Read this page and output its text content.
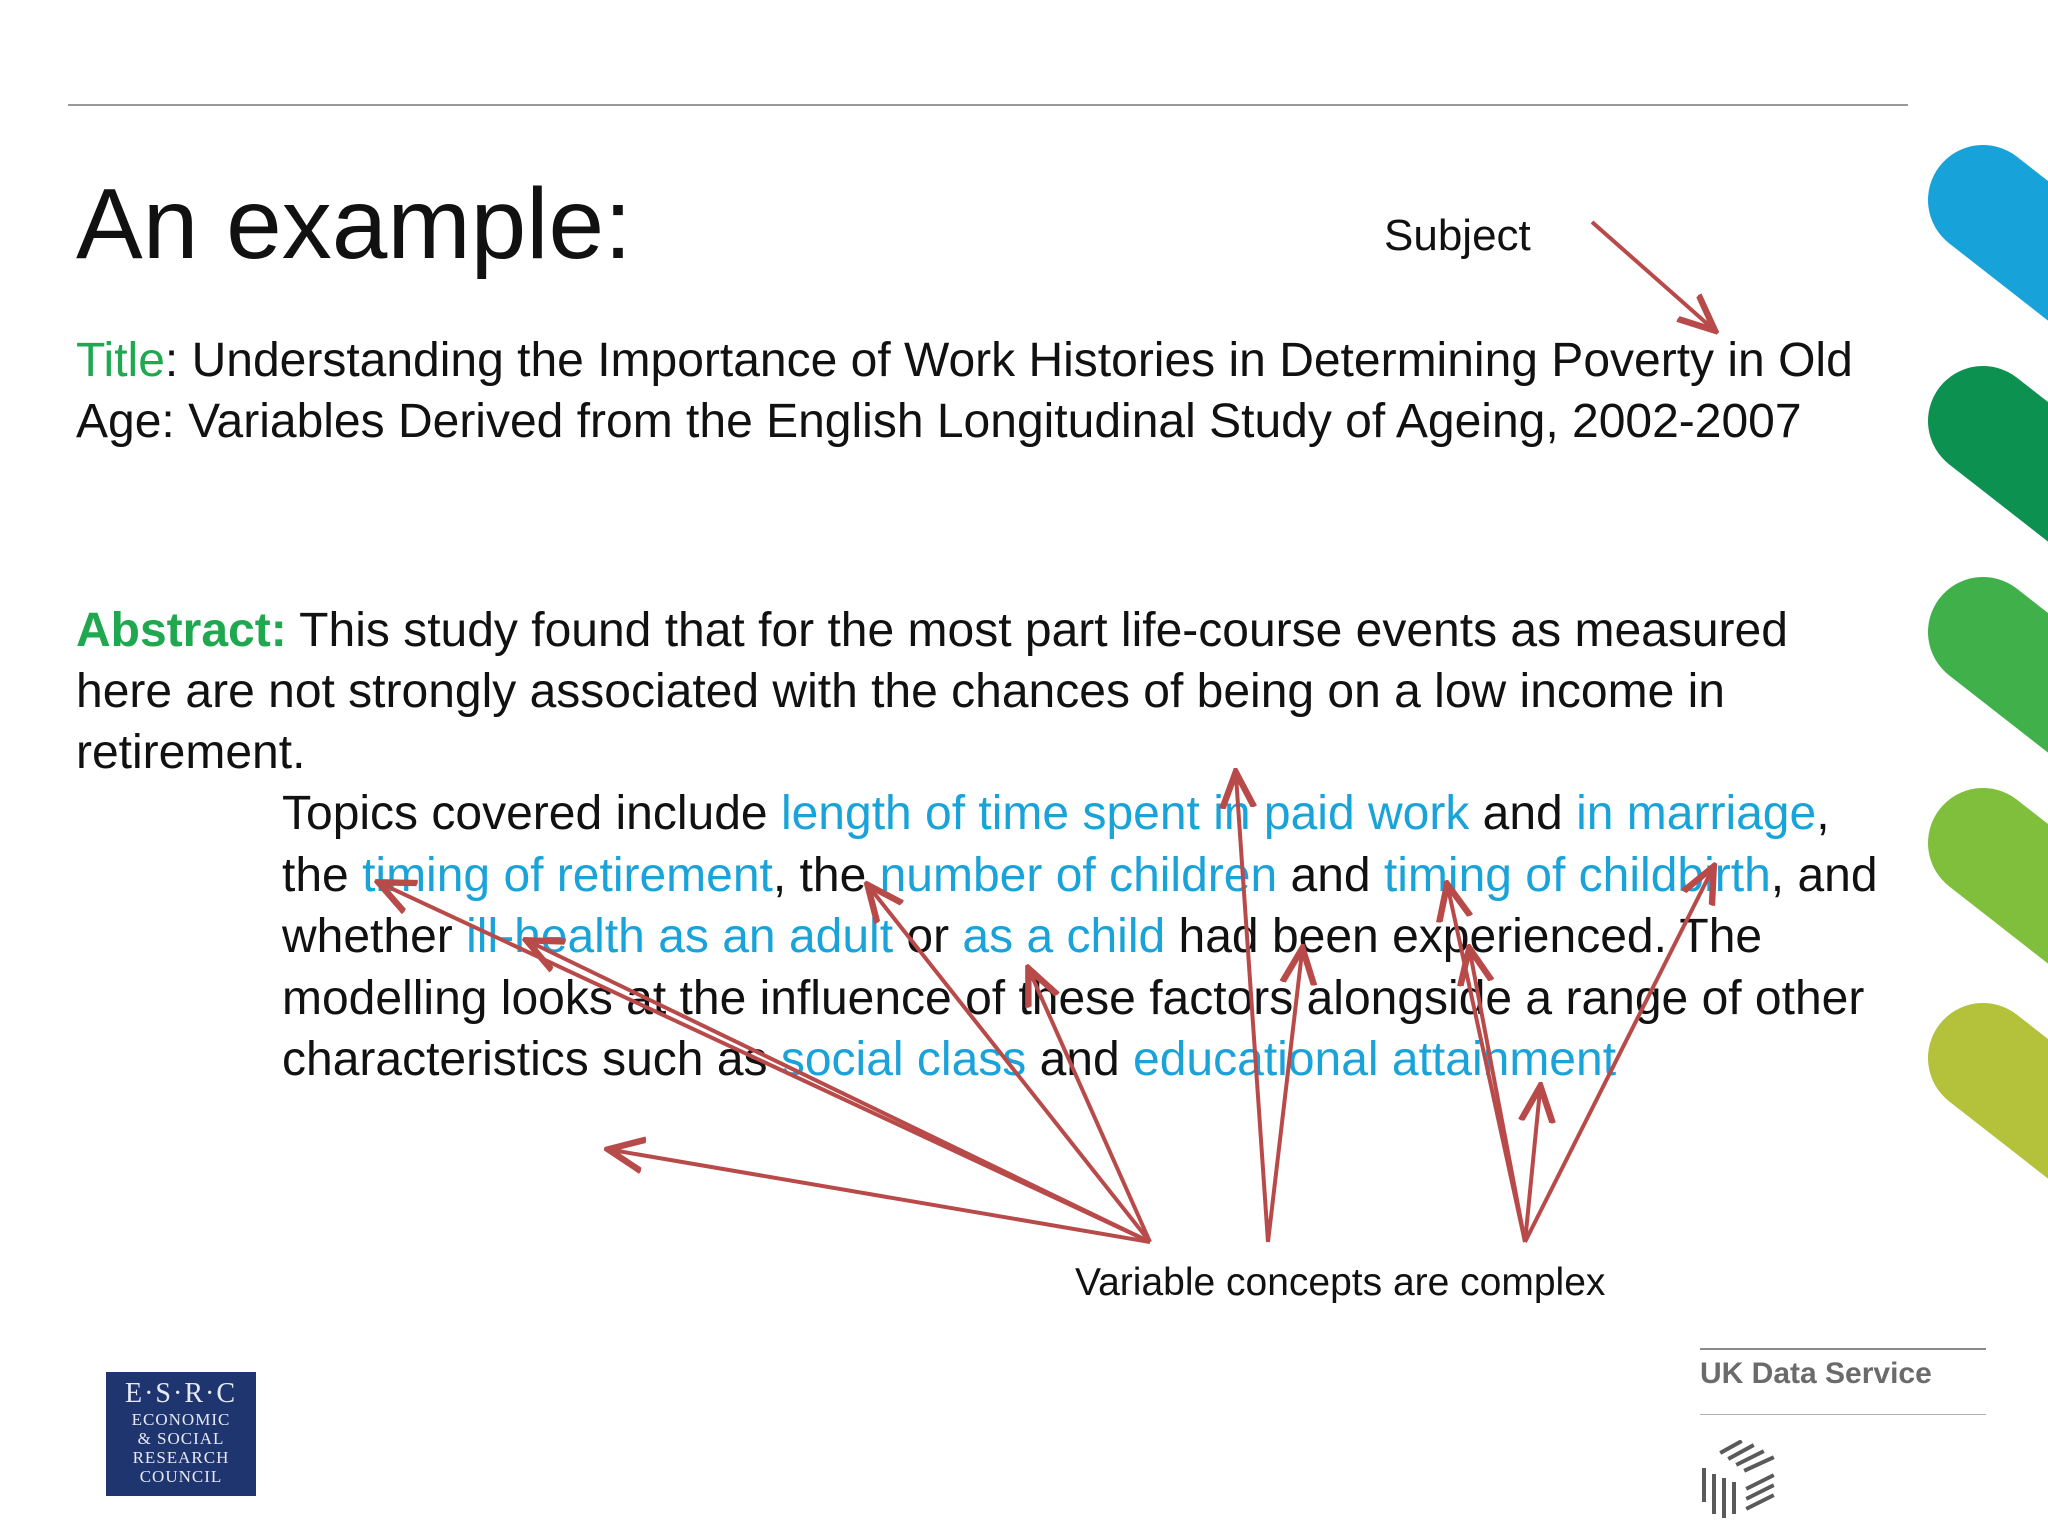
An example:	Subject
Title: Understanding the Importance of Work Histories in Determining Poverty in Old Age: Variables Derived from the English Longitudinal Study of Ageing, 2002-2007
Abstract: This study found that for the most part life-course events as measured here are not strongly associated with the chances of being on a low income in retirement.
Topics covered include length of time spent in paid work and in marriage, the timing of retirement, the number of children and timing of childbirth, and whether ill-health as an adult or as a child had been experienced. The modelling looks at the influence of these factors alongside a range of other characteristics such as social class and educational attainment
Variable concepts are complex
E·S·R·C
ECONOMIC
& SOCIAL
RESEARCH
COUNCIL
UK Data Service
